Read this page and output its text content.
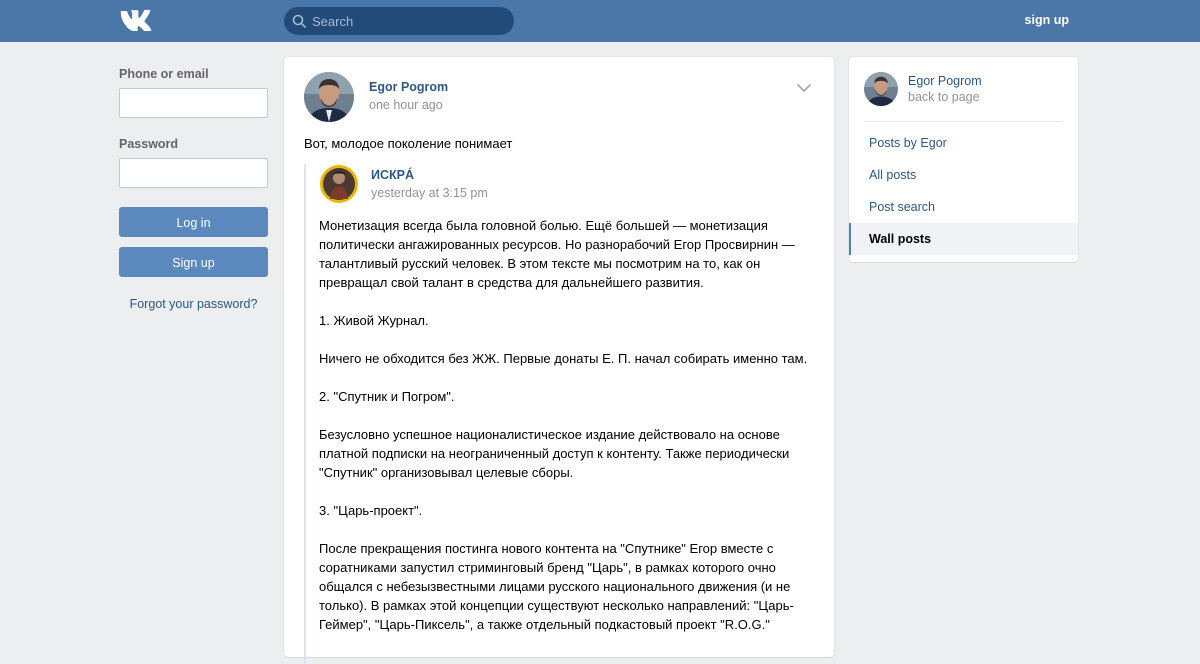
Search
sign up
Phone or email
Password
Log in
Sign up
Forgot your password?
Egor Pogrom
one hour ago
Вот, молодое поколение понимает
ИСКРÁ
yesterday at 3:15 pm
Монетизация всегда была головной болью. Ещё большей — монетизация политически ангажированных ресурсов. Но разнорабочий Егор Просвирнин — талантливый русский человек. В этом тексте мы посмотрим на то, как он превращал свой талант в средства для дальнейшего развития.

1. Живой Журнал.

Ничего не обходится без ЖЖ. Первые донаты Е. П. начал собирать именно там.

2. "Спутник и Погром".

Безусловно успешное националистическое издание действовало на основе платной подписки на неограниченный доступ к контенту. Также периодически "Спутник" организовывал целевые сборы.

3. "Царь-проект".

После прекращения постинга нового контента на "Спутнике" Егор вместе с соратниками запустил стриминговый бренд "Царь", в рамках которого очно общался с небезызвестными лицами русского национального движения (и не только). В рамках этой концепции существуют несколько направлений: "Царь-Геймер", "Царь-Пиксель", а также отдельный подкастовый проект "R.O.G."
Egor Pogrom
back to page
Posts by Egor
All posts
Post search
Wall posts
